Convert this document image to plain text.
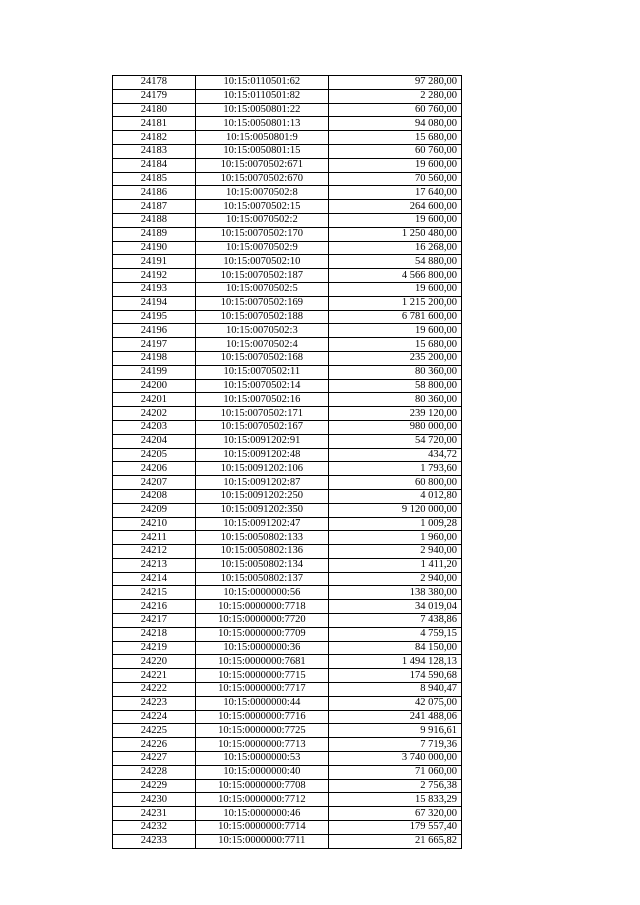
24178	10:15:0110501:62	97 280,00
24179	10:15:0110501:82	2 280,00
24180	10:15:0050801:22	60 760,00
24181	10:15:0050801:13	94 080,00
24182	10:15:0050801:9	15 680,00
24183	10:15:0050801:15	60 760,00
24184	10:15:0070502:671	19 600,00
24185	10:15:0070502:670	70 560,00
24186	10:15:0070502:8	17 640,00
24187	10:15:0070502:15	264 600,00
24188	10:15:0070502:2	19 600,00
24189	10:15:0070502:170	1 250 480,00
24190	10:15:0070502:9	16 268,00
24191	10:15:0070502:10	54 880,00
24192	10:15:0070502:187	4 566 800,00
24193	10:15:0070502:5	19 600,00
24194	10:15:0070502:169	1 215 200,00
24195	10:15:0070502:188	6 781 600,00
24196	10:15:0070502:3	19 600,00
24197	10:15:0070502:4	15 680,00
24198	10:15:0070502:168	235 200,00
24199	10:15:0070502:11	80 360,00
24200	10:15:0070502:14	58 800,00
24201	10:15:0070502:16	80 360,00
24202	10:15:0070502:171	239 120,00
24203	10:15:0070502:167	980 000,00
24204	10:15:0091202:91	54 720,00
24205	10:15:0091202:48	434,72
24206	10:15:0091202:106	1 793,60
24207	10:15:0091202:87	60 800,00
24208	10:15:0091202:250	4 012,80
24209	10:15:0091202:350	9 120 000,00
24210	10:15:0091202:47	1 009,28
24211	10:15:0050802:133	1 960,00
24212	10:15:0050802:136	2 940,00
24213	10:15:0050802:134	1 411,20
24214	10:15:0050802:137	2 940,00
24215	10:15:0000000:56	138 380,00
24216	10:15:0000000:7718	34 019,04
24217	10:15:0000000:7720	7 438,86
24218	10:15:0000000:7709	4 759,15
24219	10:15:0000000:36	84 150,00
24220	10:15:0000000:7681	1 494 128,13
24221	10:15:0000000:7715	174 590,68
24222	10:15:0000000:7717	8 940,47
24223	10:15:0000000:44	42 075,00
24224	10:15:0000000:7716	241 488,06
24225	10:15:0000000:7725	9 916,61
24226	10:15:0000000:7713	7 719,36
24227	10:15:0000000:53	3 740 000,00
24228	10:15:0000000:40	71 060,00
24229	10:15:0000000:7708	2 756,38
24230	10:15:0000000:7712	15 833,29
24231	10:15:0000000:46	67 320,00
24232	10:15:0000000:7714	179 557,40
24233	10:15:0000000:7711	21 665,82
